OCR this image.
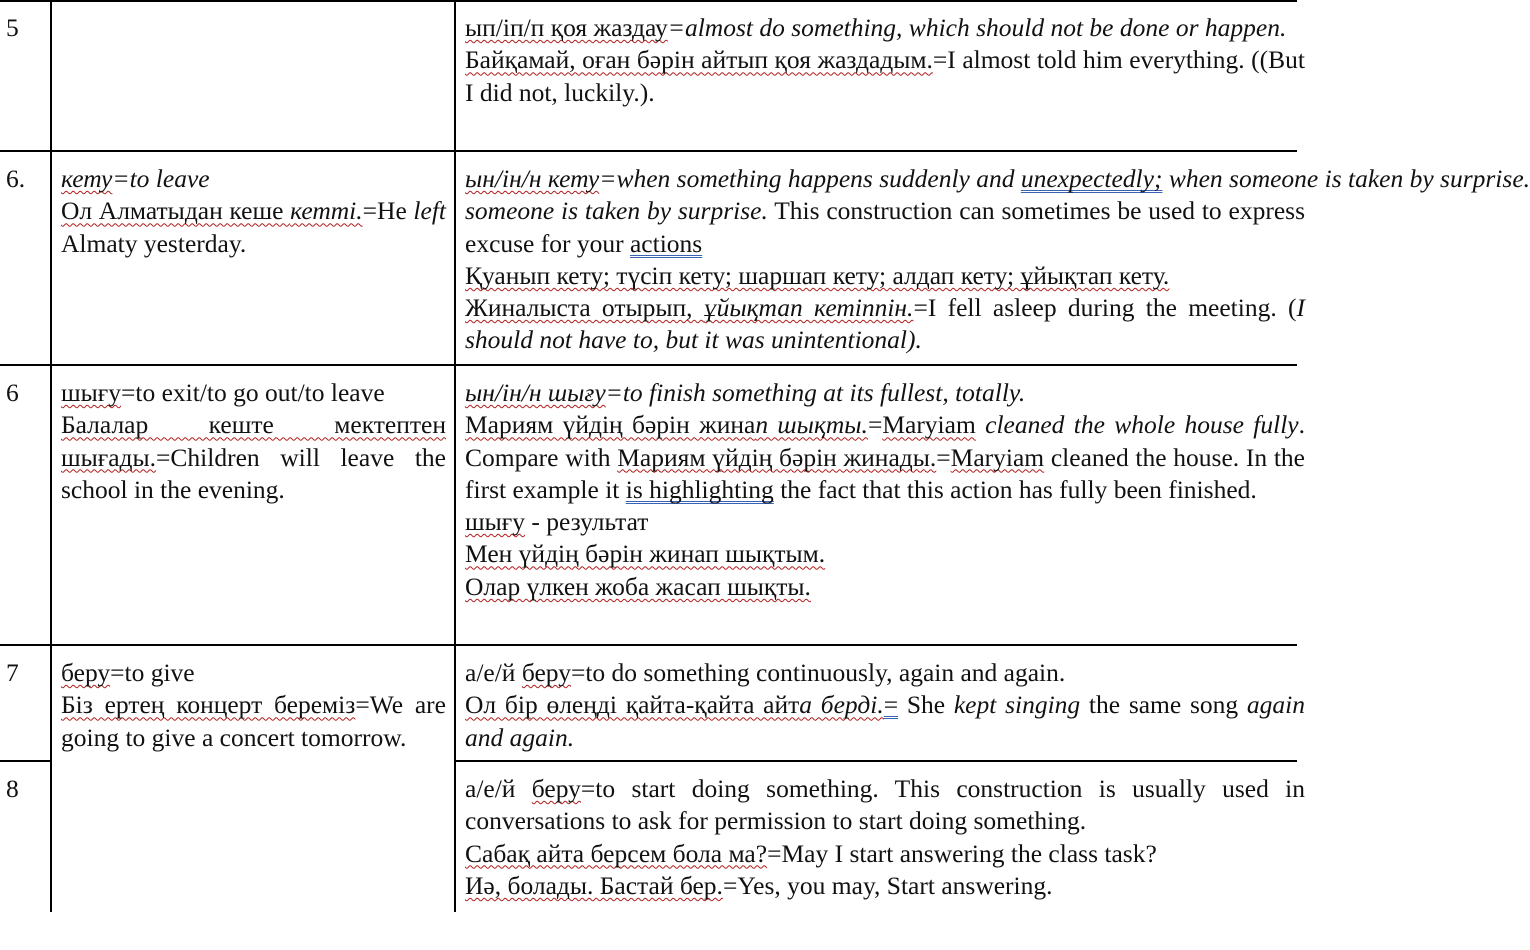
5	ып/іп/п қоя жаздау=almost do something, which should not be done or happen.

Байқамай, оған бәрін айтып қоя жаздадым.=I almost told him everything. ((But I did not, luckily.).

6. кету=to leave

Ол Алматыдан кеше кетті.=He left Almaty yesterday.

ын/ін/н кету=when something happens suddenly and unexpectedly; when someone is taken by surprise.

someone is taken by surprise. This construction can sometimes be used to express excuse for your actions

Қуанып кету; түсіп кету; шаршап кету; алдап кету; ұйықтап кету.

Жиналыста отырып, ұйықтап кетіппін.=I fell asleep during the meeting. (I should not have to, but it was unintentional).

6 шығу=to exit/to go out/to leave

Балалар кеште мектептен шығады.=Children will leave the school in the evening.

ын/ін/н шығу=to finish something at its fullest, totally.

Мариям үйдің бәрін жинап шықты.=Maryiam cleaned the whole house fully. Compare with Мариям үйдің бәрін жинады.=Maryiam cleaned the house. In the first example it is highlighting the fact that this action has fully been finished.

шығу - результат

Мен үйдің бәрін жинап шықтым.

Олар үлкен жоба жасап шықты.

7 беру=to give

Біз ертең концерт береміз=We are going to give a concert tomorrow.

а/е/й беру=to do something continuously, again and again.

Ол бір өлеңді қайта-қайта айта берді.= She kept singing the same song again and again.

8	а/е/й беру=to start doing something. This construction is usually used in conversations to ask for permission to start doing something.

Сабақ айта берсем бола ма?=May I start answering the class task?

Иә, болады. Бастай бер.=Yes, you may, Start answering.
